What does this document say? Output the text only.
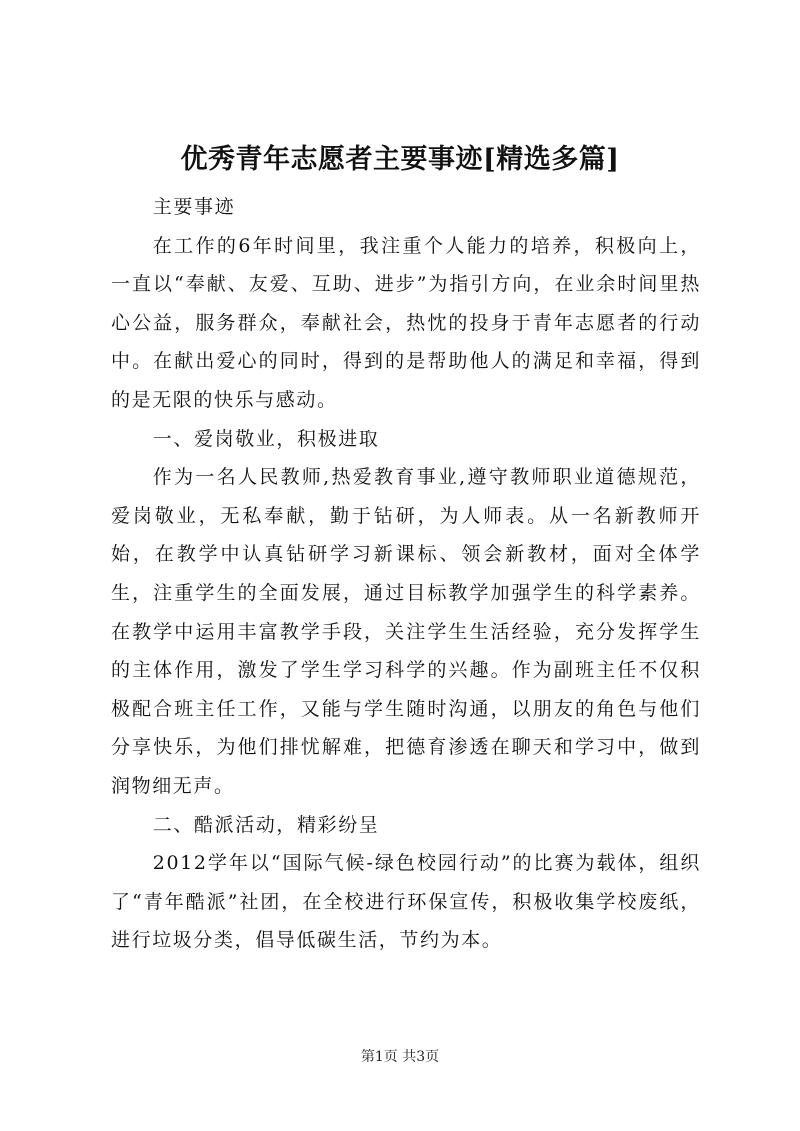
优秀青年志愿者主要事迹[精选多篇]

主要事迹

在工作的6年时间里，我注重个人能力的培养，积极向上，一直以“奉献、友爱、互助、进步”为指引方向，在业余时间里热心公益，服务群众，奉献社会，热忱的投身于青年志愿者的行动中。在献出爱心的同时，得到的是帮助他人的满足和幸福，得到的是无限的快乐与感动。

一、爱岗敬业，积极进取

作为一名人民教师,热爱教育事业,遵守教师职业道德规范，爱岗敬业，无私奉献，勤于钻研，为人师表。从一名新教师开始，在教学中认真钻研学习新课标、领会新教材，面对全体学生，注重学生的全面发展，通过目标教学加强学生的科学素养。在教学中运用丰富教学手段，关注学生生活经验，充分发挥学生的主体作用，激发了学生学习科学的兴趣。作为副班主任不仅积极配合班主任工作，又能与学生随时沟通，以朋友的角色与他们分享快乐，为他们排忧解难，把德育渗透在聊天和学习中，做到润物细无声。

二、酷派活动，精彩纷呈

2012学年以“国际气候-绿色校园行动”的比赛为载体，组织了“青年酷派”社团，在全校进行环保宣传，积极收集学校废纸，进行垃圾分类，倡导低碳生活，节约为本。

第1页 共3页
